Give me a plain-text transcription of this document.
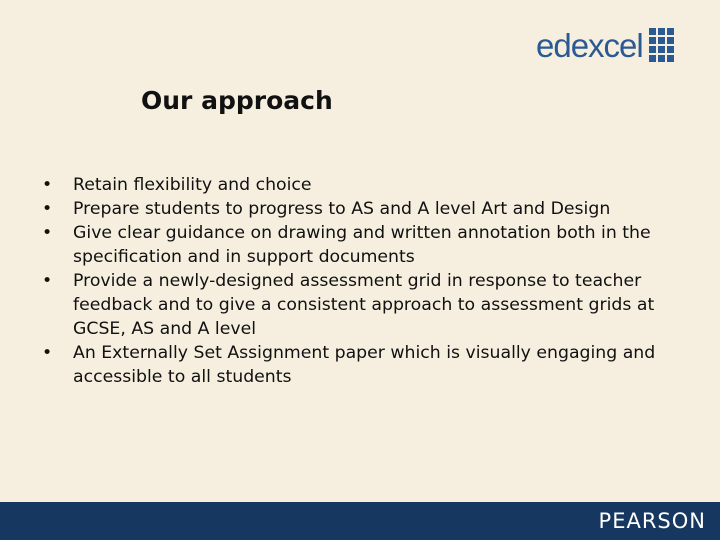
edexcel
Our approach
• Retain flexibility and choice
• Prepare students to progress to AS and A level Art and Design
• Give clear guidance on drawing and written annotation both in the specification and in support documents
• Provide a newly-designed assessment grid in response to teacher feedback and to give a consistent approach to assessment grids at GCSE, AS and A level
• An Externally Set Assignment paper which is visually engaging and accessible to all students
PEARSON
